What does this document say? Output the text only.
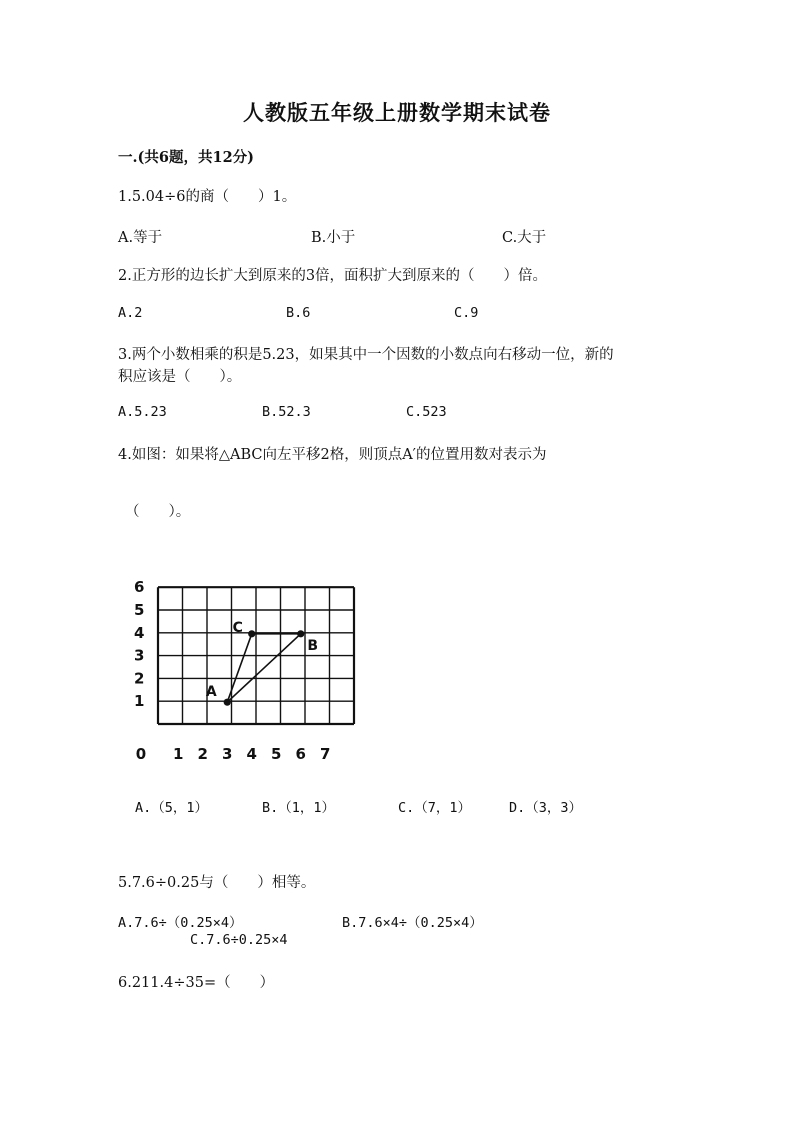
人教版五年级上册数学期末试卷
一.(共6题，共12分)
1.5.04÷6的商（　　）1。
A.等于	B.小于	C.大于
2.正方形的边长扩大到原来的3倍，面积扩大到原来的（　　）倍。
A.2	B.6	C.9
3.两个小数相乘的积是5.23，如果其中一个因数的小数点向右移动一位，新的
积应该是（　　）。
A.5.23	B.52.3	C.523
4.如图：如果将△ABC向左平移2格，则顶点A′的位置用数对表示为
（　　）。
1
2
3
4
5
6
0 1 2 3 4 5 6 7
A
B
C
A.（5，1）	B.（1，1）	C.（7，1）	D.（3，3）
5.7.6÷0.25与（　　）相等。
A.7.6÷（0.25×4）	B.7.6×4÷（0.25×4）
C.7.6÷0.25×4
6.211.4÷35=（　　）
